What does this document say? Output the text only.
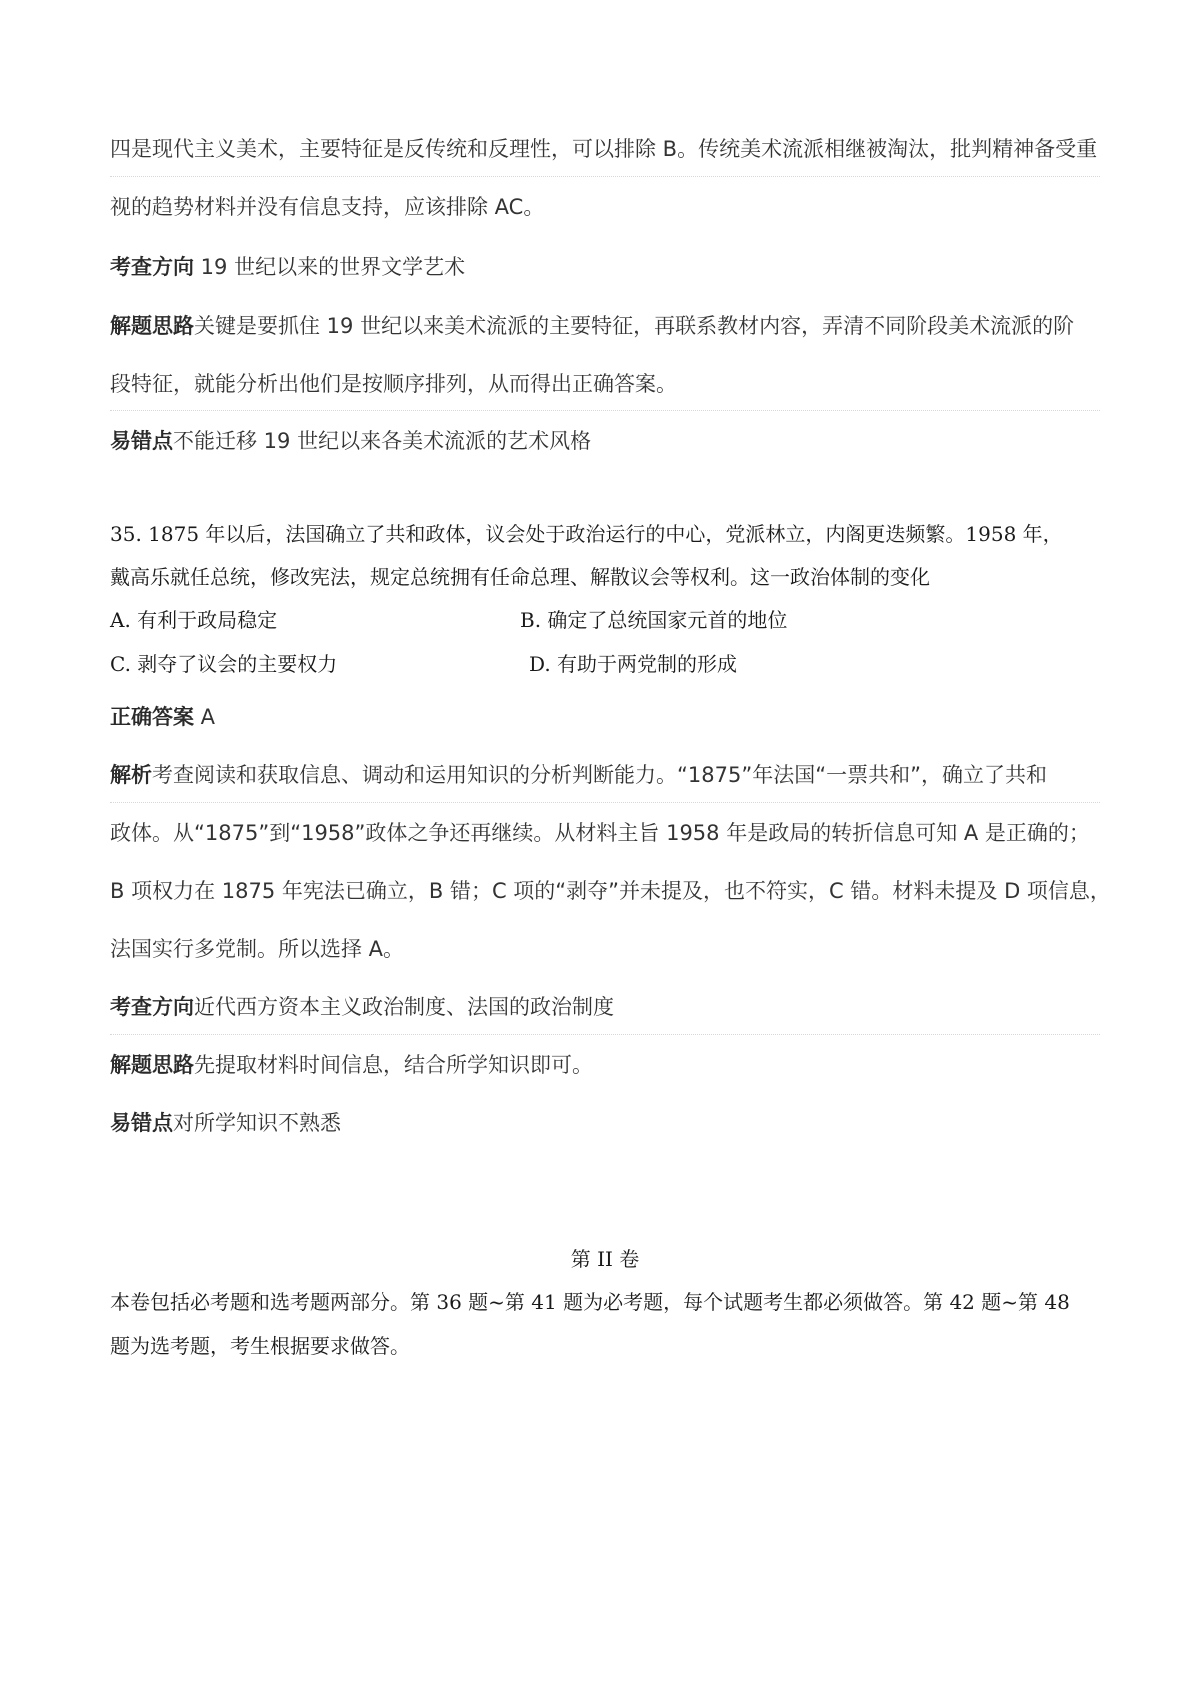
四是现代主义美术，主要特征是反传统和反理性，可以排除 B。传统美术流派相继被淘汰，批判精神备受重
视的趋势材料并没有信息支持，应该排除 AC。
考查方向 19 世纪以来的世界文学艺术
解题思路关键是要抓住 19 世纪以来美术流派的主要特征，再联系教材内容，弄清不同阶段美术流派的阶
段特征，就能分析出他们是按顺序排列，从而得出正确答案。
易错点不能迁移 19 世纪以来各美术流派的艺术风格
35. 1875 年以后，法国确立了共和政体，议会处于政治运行的中心，党派林立，内阁更迭频繁。1958 年，
戴高乐就任总统，修改宪法，规定总统拥有任命总理、解散议会等权利。这一政治体制的变化
A. 有利于政局稳定	B. 确定了总统国家元首的地位
C. 剥夺了议会的主要权力	D. 有助于两党制的形成
正确答案 A
解析考查阅读和获取信息、调动和运用知识的分析判断能力。“1875”年法国“一票共和”，确立了共和
政体。从“1875”到“1958”政体之争还再继续。从材料主旨 1958 年是政局的转折信息可知 A 是正确的；
B 项权力在 1875 年宪法已确立，B 错；C 项的“剥夺”并未提及，也不符实，C 错。材料未提及 D 项信息，
法国实行多党制。所以选择 A。
考查方向近代西方资本主义政治制度、法国的政治制度
解题思路先提取材料时间信息，结合所学知识即可。
易错点对所学知识不熟悉
第 II 卷
本卷包括必考题和选考题两部分。第 36 题~第 41 题为必考题，每个试题考生都必须做答。第 42 题~第 48
题为选考题，考生根据要求做答。
